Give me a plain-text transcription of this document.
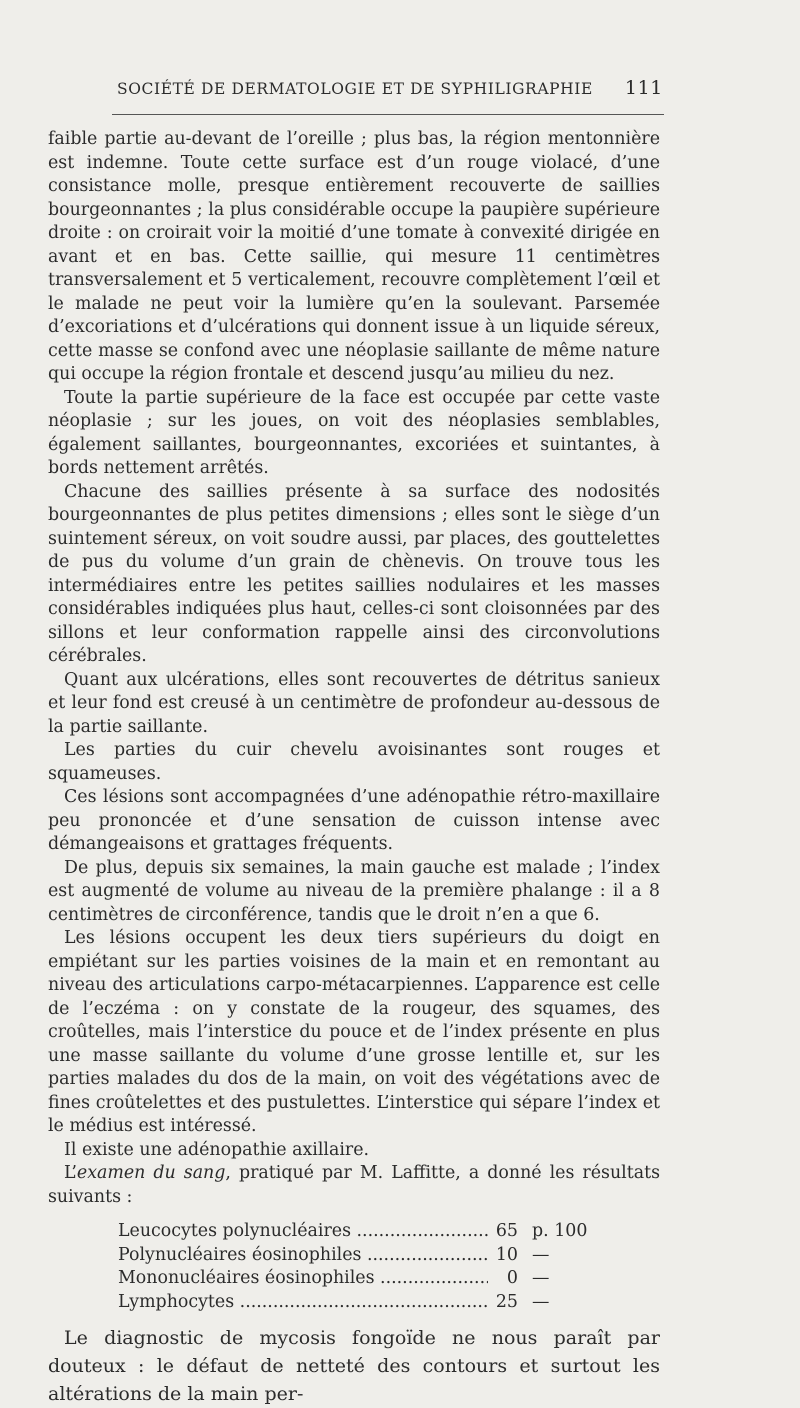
SOCIÉTÉ DE DERMATOLOGIE ET DE SYPHILIGRAPHIE 111

faible partie au-devant de l’oreille ; plus bas, la région mentonnière est indemne. Toute cette surface est d’un rouge violacé, d’une consistance molle, presque entièrement recouverte de saillies bourgeonnantes ; la plus considérable occupe la paupière supérieure droite : on croirait voir la moitié d’une tomate à convexité dirigée en avant et en bas. Cette saillie, qui mesure 11 centimètres transversalement et 5 verticalement, recouvre complètement l’œil et le malade ne peut voir la lumière qu’en la soulevant. Parsemée d’excoriations et d’ulcérations qui donnent issue à un liquide séreux, cette masse se confond avec une néoplasie saillante de même nature qui occupe la région frontale et descend jusqu’au milieu du nez.

Toute la partie supérieure de la face est occupée par cette vaste néoplasie ; sur les joues, on voit des néoplasies semblables, également saillantes, bourgeonnantes, excoriées et suintantes, à bords nettement arrêtés.

Chacune des saillies présente à sa surface des nodosités bourgeonnantes de plus petites dimensions ; elles sont le siège d’un suintement séreux, on voit soudre aussi, par places, des gouttelettes de pus du volume d’un grain de chènevis. On trouve tous les intermédiaires entre les petites saillies nodulaires et les masses considérables indiquées plus haut, celles-ci sont cloisonnées par des sillons et leur conformation rappelle ainsi des circonvolutions cérébrales.

Quant aux ulcérations, elles sont recouvertes de détritus sanieux et leur fond est creusé à un centimètre de profondeur au-dessous de la partie saillante.

Les parties du cuir chevelu avoisinantes sont rouges et squameuses.

Ces lésions sont accompagnées d’une adénopathie rétro-maxillaire peu prononcée et d’une sensation de cuisson intense avec démangeaisons et grattages fréquents.

De plus, depuis six semaines, la main gauche est malade ; l’index est augmenté de volume au niveau de la première phalange : il a 8 centimètres de circonférence, tandis que le droit n’en a que 6.

Les lésions occupent les deux tiers supérieurs du doigt en empiétant sur les parties voisines de la main et en remontant au niveau des articulations carpo-métacarpiennes. L’apparence est celle de l’eczéma : on y constate de la rougeur, des squames, des croûtelles, mais l’interstice du pouce et de l’index présente en plus une masse saillante du volume d’une grosse lentille et, sur les parties malades du dos de la main, on voit des végétations avec de fines croûtelettes et des pustulettes. L’interstice qui sépare l’index et le médius est intéressé.

Il existe une adénopathie axillaire.

L’examen du sang, pratiqué par M. Laffitte, a donné les résultats suivants :

Leucocytes polynucléaires .....	65 p. 100
Polynucléaires éosinophiles .....	10 —
Mononucléaires éosinophiles .....	0 —
Lymphocytes .....	25 —

Le diagnostic de mycosis fongoïde ne nous paraît par douteux : le défaut de netteté des contours et surtout les altérations de la main per-
